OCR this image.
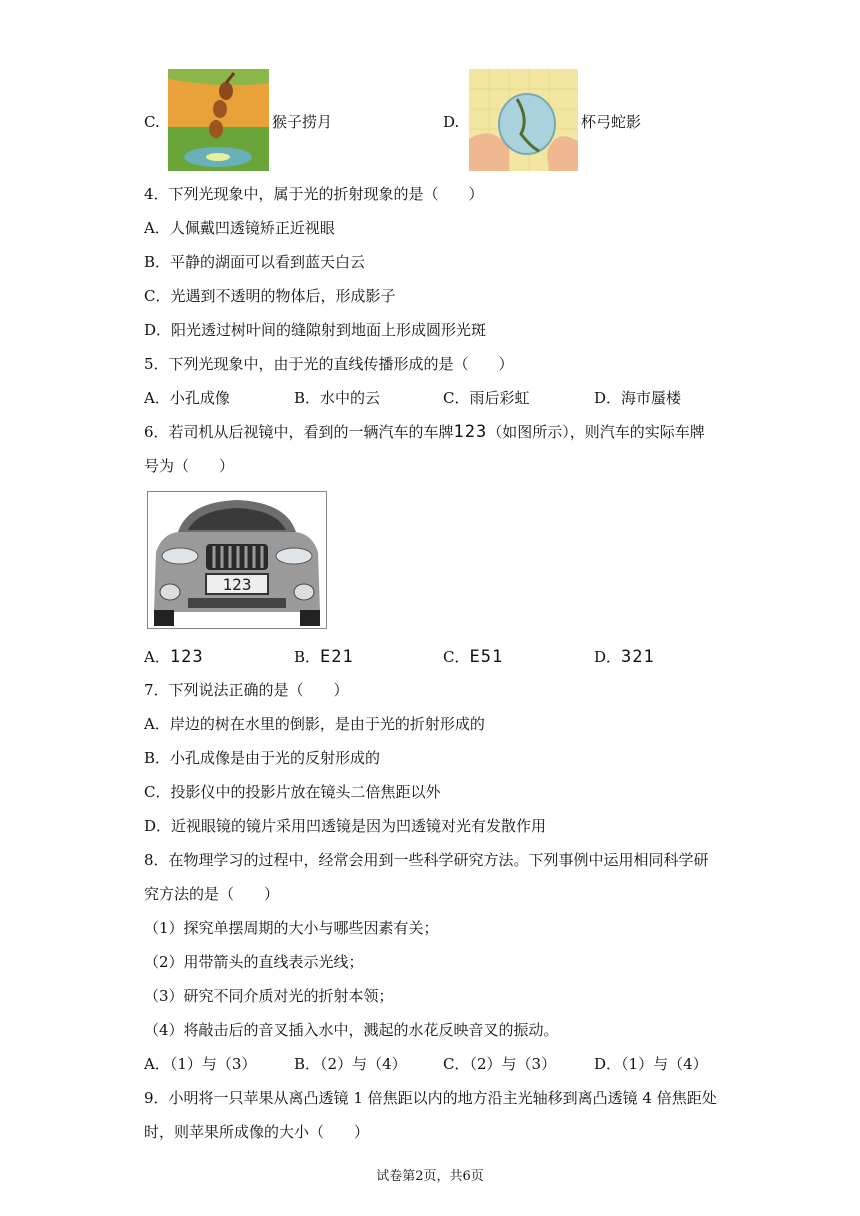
C.	猴子捞月	D.	杯弓蛇影
4．下列光现象中，属于光的折射现象的是（　　）
A．人佩戴凹透镜矫正近视眼
B．平静的湖面可以看到蓝天白云
C．光遇到不透明的物体后，形成影子
D．阳光透过树叶间的缝隙射到地面上形成圆形光斑
5．下列光现象中，由于光的直线传播形成的是（　　）
A．小孔成像	B．水中的云	C．雨后彩虹	D．海市蜃楼
6．若司机从后视镜中，看到的一辆汽车的车牌123（如图所示），则汽车的实际车牌
号为（　　）
123
A．123	B．E21	C．E51	D．321
7．下列说法正确的是（　　）
A．岸边的树在水里的倒影，是由于光的折射形成的
B．小孔成像是由于光的反射形成的
C．投影仪中的投影片放在镜头二倍焦距以外
D．近视眼镜的镜片采用凹透镜是因为凹透镜对光有发散作用
8．在物理学习的过程中，经常会用到一些科学研究方法。下列事例中运用相同科学研
究方法的是（　　）
（1）探究单摆周期的大小与哪些因素有关；
（2）用带箭头的直线表示光线；
（3）研究不同介质对光的折射本领；
（4）将敲击后的音叉插入水中，溅起的水花反映音叉的振动。
A．（1）与（3）	B．（2）与（4） C．（2）与（3）	D．（1）与（4）
9．小明将一只苹果从离凸透镜 1 倍焦距以内的地方沿主光轴移到离凸透镜 4 倍焦距处
时，则苹果所成像的大小（　　）
试卷第2页，共6页
